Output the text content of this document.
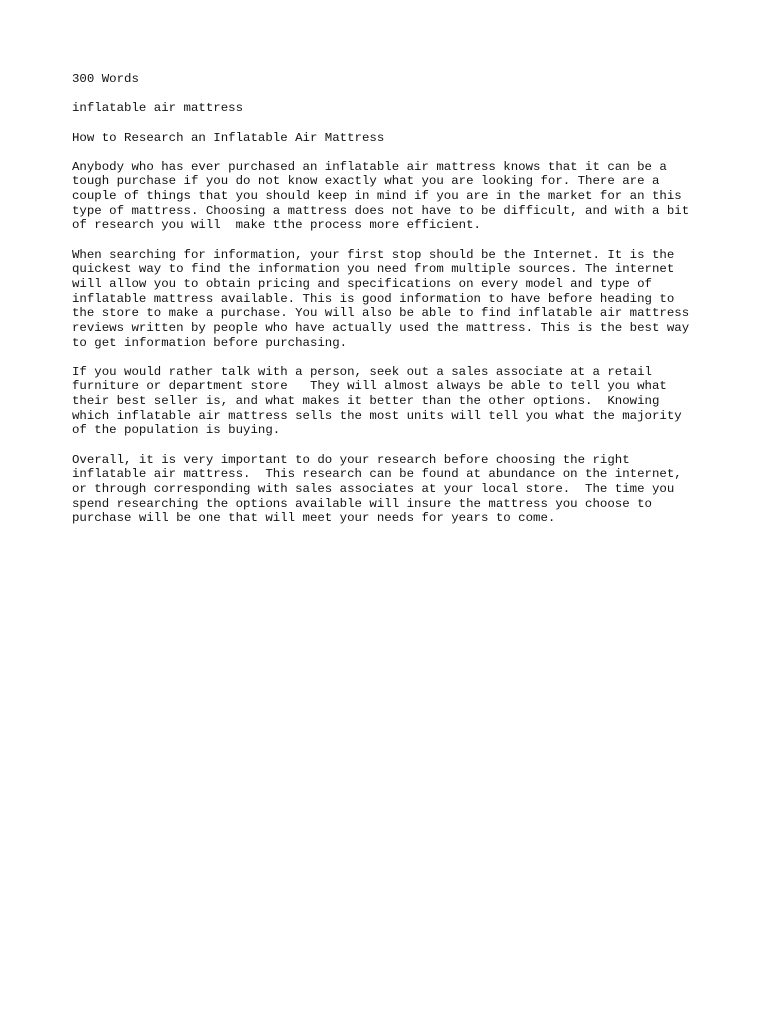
300 Words
inflatable air mattress
How to Research an Inflatable Air Mattress
Anybody who has ever purchased an inflatable air mattress knows that it can be a
tough purchase if you do not know exactly what you are looking for. There are a
couple of things that you should keep in mind if you are in the market for an this
type of mattress. Choosing a mattress does not have to be difficult, and with a bit
of research you will  make tthe process more efficient.
When searching for information, your first stop should be the Internet. It is the
quickest way to find the information you need from multiple sources. The internet
will allow you to obtain pricing and specifications on every model and type of
inflatable mattress available. This is good information to have before heading to
the store to make a purchase. You will also be able to find inflatable air mattress
reviews written by people who have actually used the mattress. This is the best way
to get information before purchasing.
If you would rather talk with a person, seek out a sales associate at a retail
furniture or department store   They will almost always be able to tell you what
their best seller is, and what makes it better than the other options.  Knowing
which inflatable air mattress sells the most units will tell you what the majority
of the population is buying.
Overall, it is very important to do your research before choosing the right
inflatable air mattress.  This research can be found at abundance on the internet,
or through corresponding with sales associates at your local store.  The time you
spend researching the options available will insure the mattress you choose to
purchase will be one that will meet your needs for years to come.
